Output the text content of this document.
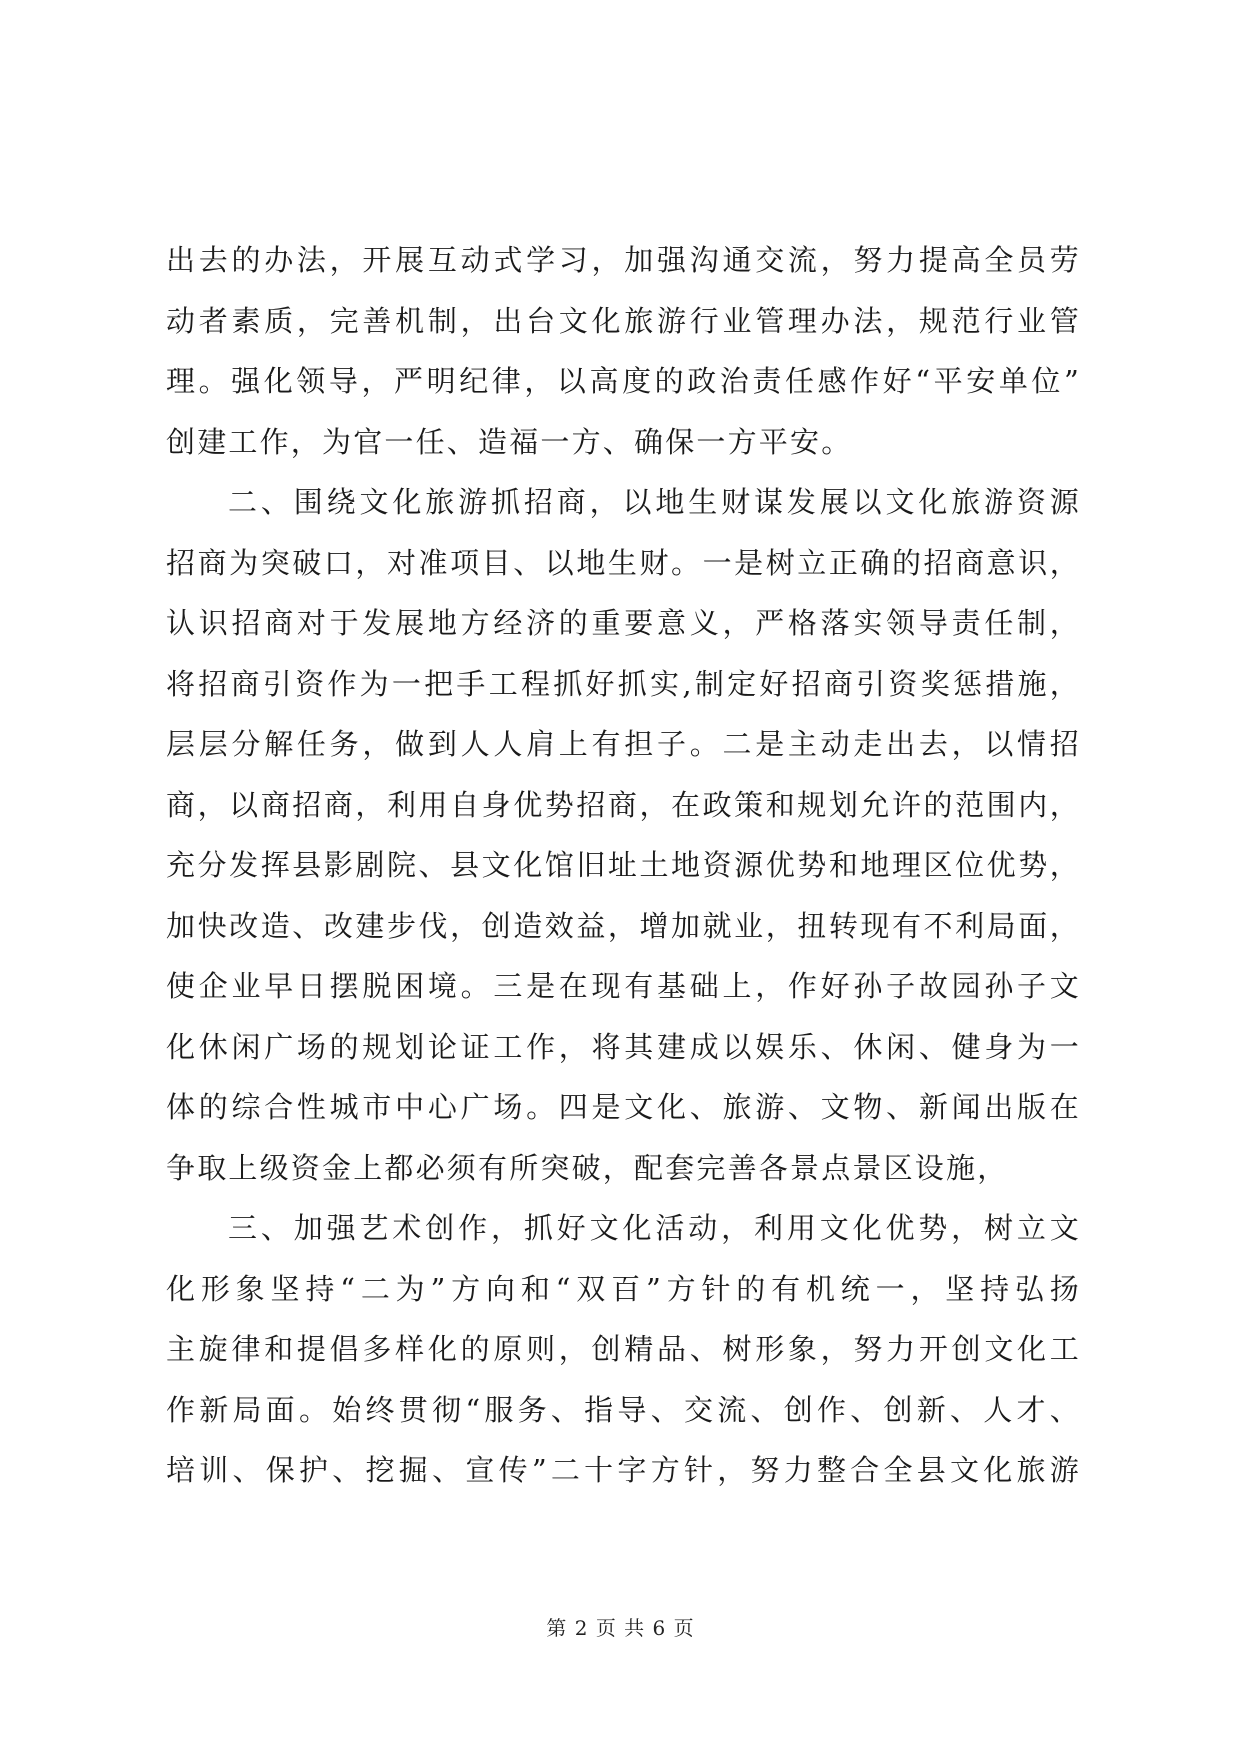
出去的办法，开展互动式学习，加强沟通交流，努力提高全员劳
动者素质，完善机制，出台文化旅游行业管理办法，规范行业管
理。强化领导，严明纪律，以高度的政治责任感作好“平安单位”
创建工作，为官一任、造福一方、确保一方平安。
二、围绕文化旅游抓招商，以地生财谋发展以文化旅游资源
招商为突破口，对准项目、以地生财。一是树立正确的招商意识，
认识招商对于发展地方经济的重要意义，严格落实领导责任制，
将招商引资作为一把手工程抓好抓实,制定好招商引资奖惩措施，
层层分解任务，做到人人肩上有担子。二是主动走出去，以情招
商，以商招商，利用自身优势招商，在政策和规划允许的范围内，
充分发挥县影剧院、县文化馆旧址土地资源优势和地理区位优势，
加快改造、改建步伐，创造效益，增加就业，扭转现有不利局面，
使企业早日摆脱困境。三是在现有基础上，作好孙子故园孙子文
化休闲广场的规划论证工作，将其建成以娱乐、休闲、健身为一
体的综合性城市中心广场。四是文化、旅游、文物、新闻出版在
争取上级资金上都必须有所突破，配套完善各景点景区设施，
三、加强艺术创作，抓好文化活动，利用文化优势，树立文
化形象坚持“二为”方向和“双百”方针的有机统一，坚持弘扬
主旋律和提倡多样化的原则，创精品、树形象，努力开创文化工
作新局面。始终贯彻“服务、指导、交流、创作、创新、人才、
培训、保护、挖掘、宣传”二十字方针，努力整合全县文化旅游
第 2 页 共 6 页
